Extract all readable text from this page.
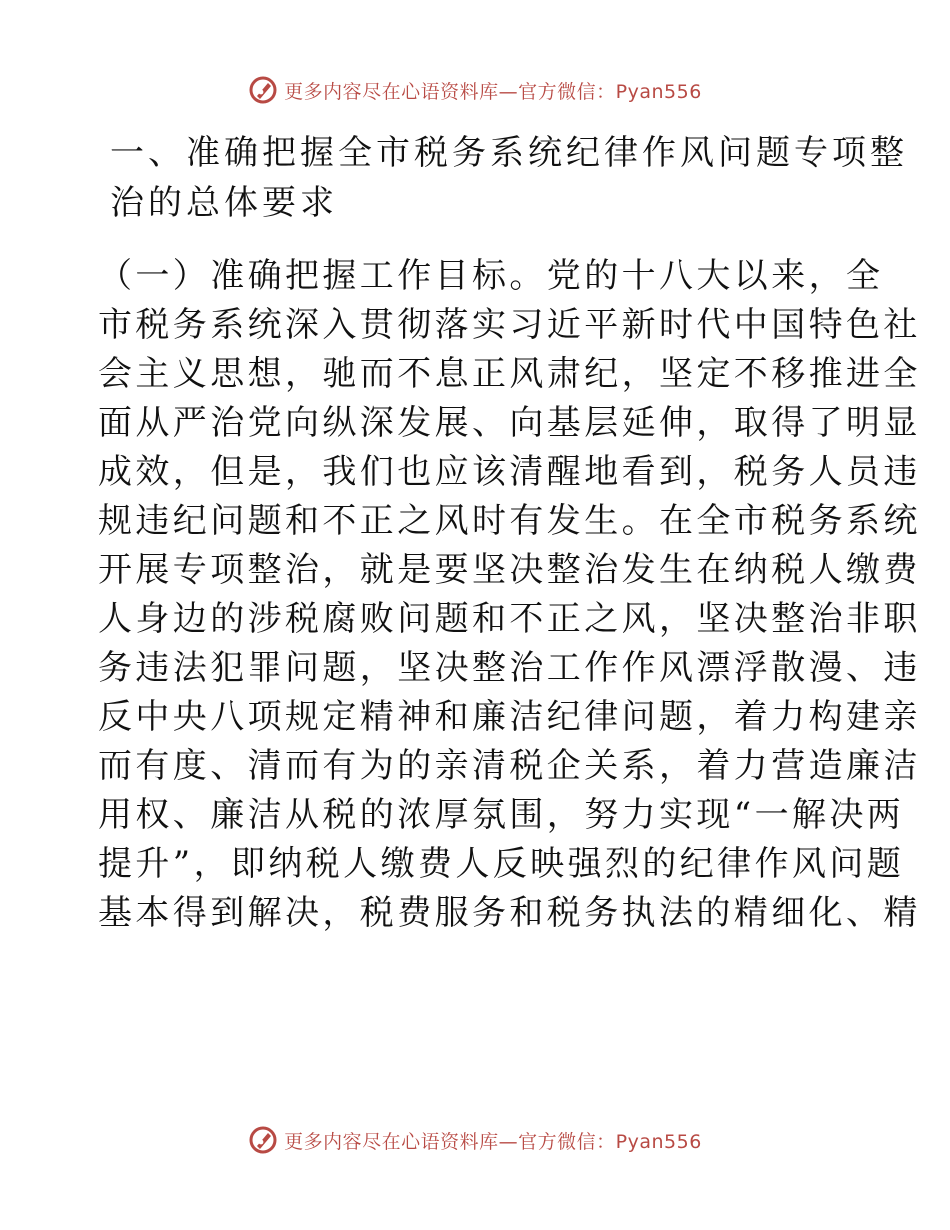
更多内容尽在心语资料库—官方微信：Pyan556
一、准确把握全市税务系统纪律作风问题专项整
治的总体要求
（一）准确把握工作目标。党的十八大以来，全
市税务系统深入贯彻落实习近平新时代中国特色社
会主义思想，驰而不息正风肃纪，坚定不移推进全
面从严治党向纵深发展、向基层延伸，取得了明显
成效，但是，我们也应该清醒地看到，税务人员违
规违纪问题和不正之风时有发生。在全市税务系统
开展专项整治，就是要坚决整治发生在纳税人缴费
人身边的涉税腐败问题和不正之风，坚决整治非职
务违法犯罪问题，坚决整治工作作风漂浮散漫、违
反中央八项规定精神和廉洁纪律问题，着力构建亲
而有度、清而有为的亲清税企关系，着力营造廉洁
用权、廉洁从税的浓厚氛围，努力实现“一解决两
提升”，即纳税人缴费人反映强烈的纪律作风问题
基本得到解决，税费服务和税务执法的精细化、精
更多内容尽在心语资料库—官方微信：Pyan556
